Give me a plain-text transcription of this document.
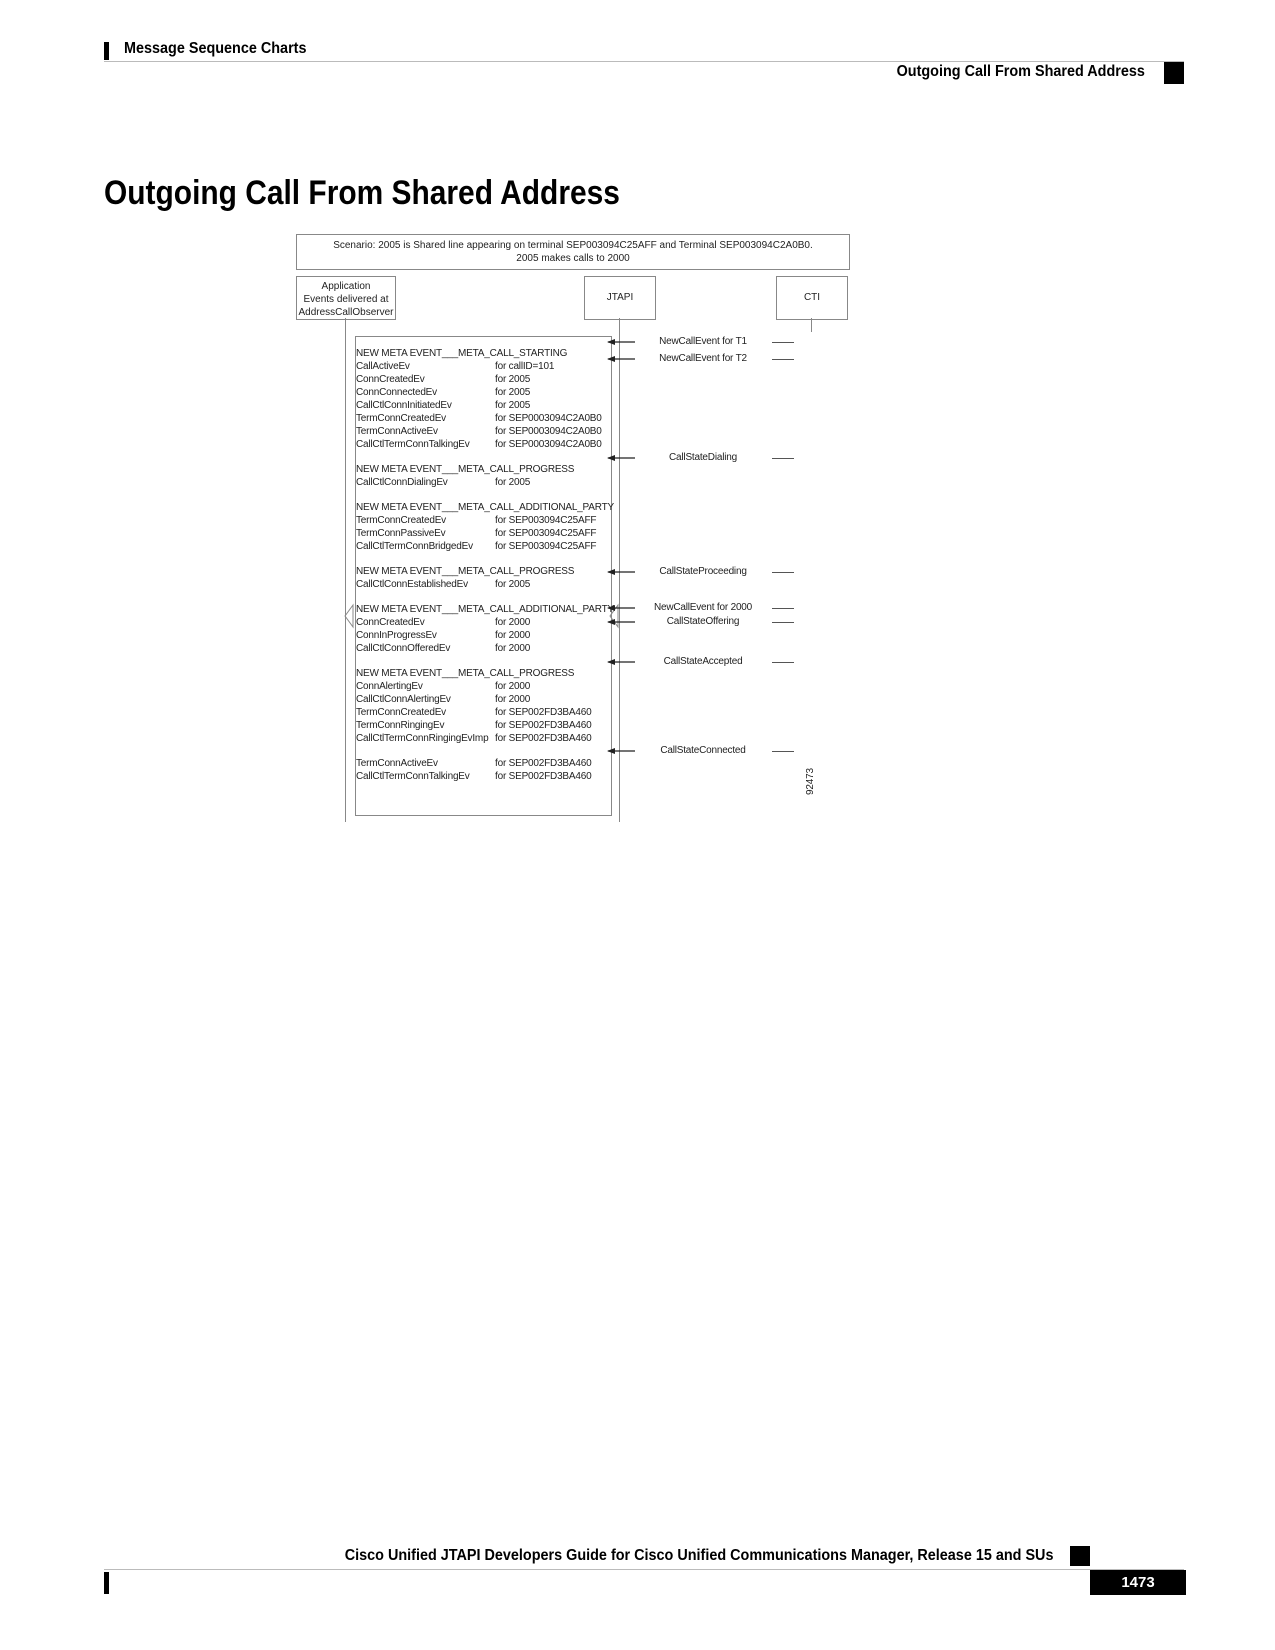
Message Sequence Charts
Outgoing Call From Shared Address
Outgoing Call From Shared Address
Scenario: 2005 is Shared line appearing on terminal SEP003094C25AFF and Terminal SEP003094C2A0B0.
2005 makes calls to 2000
Application
Events delivered at
AddressCallObserver
JTAPI	CTI
NewCallEvent for T1
NewCallEvent for T2
CallStateDialing
CallStateProceeding
NewCallEvent for 2000
CallStateOffering
CallStateAccepted
CallStateConnected
NEW META EVENT___META_CALL_STARTING
CallActiveEv	for callID=101
ConnCreatedEv	for 2005
ConnConnectedEv	for 2005
CallCtlConnInitiatedEv	for 2005
TermConnCreatedEv	for SEP0003094C2A0B0
TermConnActiveEv	for SEP0003094C2A0B0
CallCtlTermConnTalkingEv	for SEP0003094C2A0B0
NEW META EVENT___META_CALL_PROGRESS
CallCtlConnDialingEv	for 2005
NEW META EVENT___META_CALL_ADDITIONAL_PARTY
TermConnCreatedEv	for SEP003094C25AFF
TermConnPassiveEv	for SEP003094C25AFF
CallCtlTermConnBridgedEv for SEP003094C25AFF
NEW META EVENT___META_CALL_PROGRESS
CallCtlConnEstablishedEv	for 2005
NEW META EVENT___META_CALL_ADDITIONAL_PARTY
ConnCreatedEv	for 2000
ConnInProgressEv	for 2000
CallCtlConnOfferedEv	for 2000
NEW META EVENT___META_CALL_PROGRESS
ConnAlertingEv	for 2000
CallCtlConnAlertingEv	for 2000
TermConnCreatedEv	for SEP002FD3BA460
TermConnRingingEv	for SEP002FD3BA460
CallCtlTermConnRingingEvImp for SEP002FD3BA460
TermConnActiveEv	for SEP002FD3BA460
CallCtlTermConnTalkingEv	for SEP002FD3BA460	92473
Cisco Unified JTAPI Developers Guide for Cisco Unified Communications Manager, Release 15 and SUs
1473
